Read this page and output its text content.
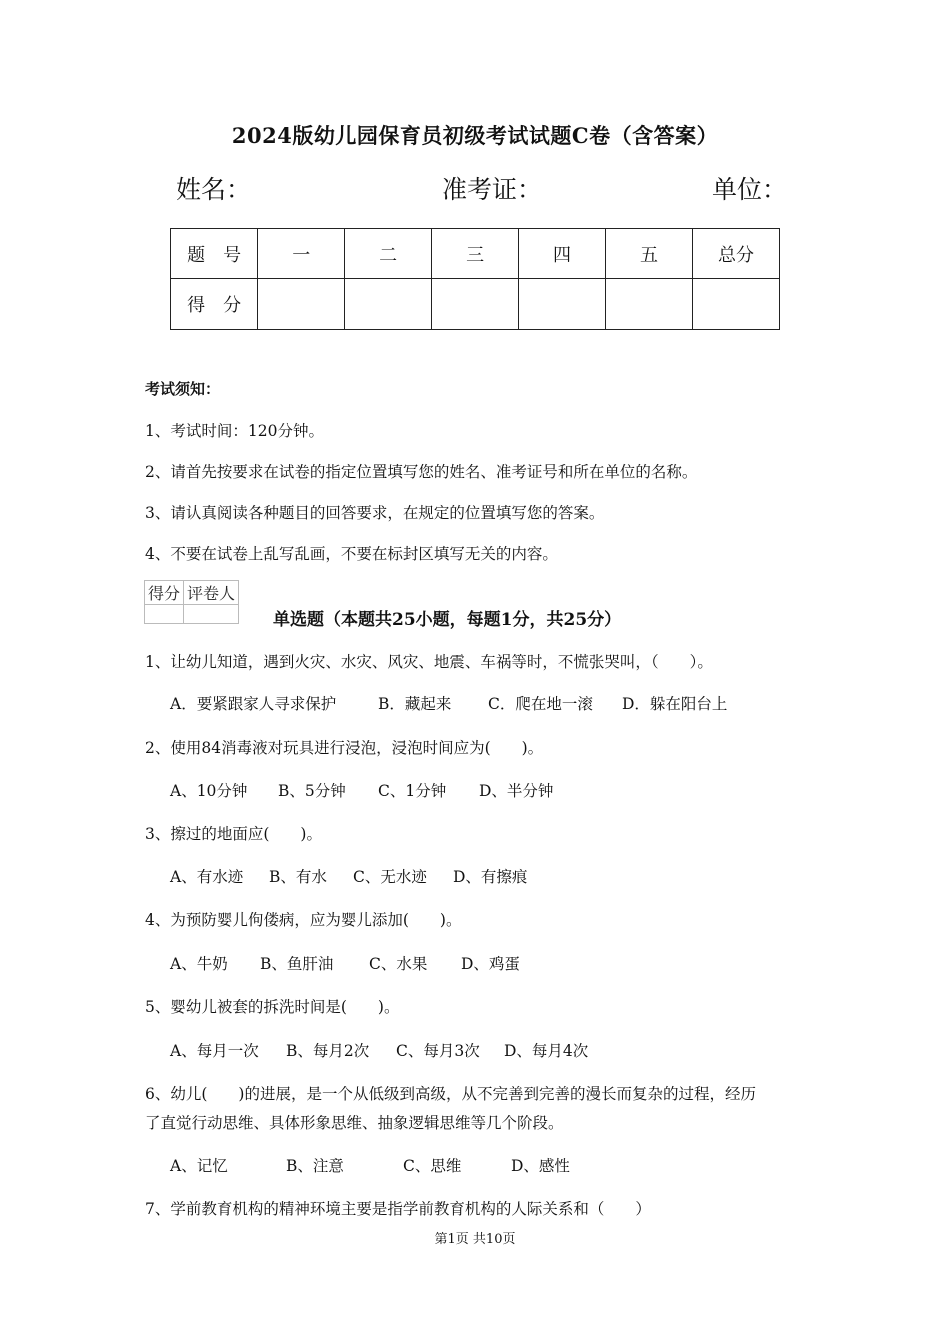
2024版幼儿园保育员初级考试试题C卷（含答案）
姓名：	准考证：	单位：
题　号	一	二	三	四	五	总分
得　分						
考试须知：
1、考试时间：120分钟。
2、请首先按要求在试卷的指定位置填写您的姓名、准考证号和所在单位的名称。
3、请认真阅读各种题目的回答要求，在规定的位置填写您的答案。
4、不要在试卷上乱写乱画，不要在标封区填写无关的内容。
得分	评卷人

单选题（本题共25小题，每题1分，共25分）
1、让幼儿知道，遇到火灾、水灾、风灾、地震、车祸等时，不慌张哭叫，（　　）。
A．要紧跟家人寻求保护	B．藏起来 C．爬在地一滚 D．躲在阳台上
2、使用84消毒液对玩具进行浸泡，浸泡时间应为(　　)。
A、10分钟 B、5分钟 C、1分钟 D、半分钟
3、擦过的地面应(　　)。
A、有水迹 B、有水 C、无水迹 D、有擦痕
4、为预防婴儿佝偻病，应为婴儿添加(　　)。
A、牛奶 B、鱼肝油 C、水果 D、鸡蛋
5、婴幼儿被套的拆洗时间是(　　)。
A、每月一次 B、每月2次 C、每月3次 D、每月4次
6、幼儿(　　)的进展，是一个从低级到高级，从不完善到完善的漫长而复杂的过程，经历
了直觉行动思维、具体形象思维、抽象逻辑思维等几个阶段。
A、记忆	B、注意	C、思维	D、感性
7、学前教育机构的精神环境主要是指学前教育机构的人际关系和（　　）
第1页 共10页
